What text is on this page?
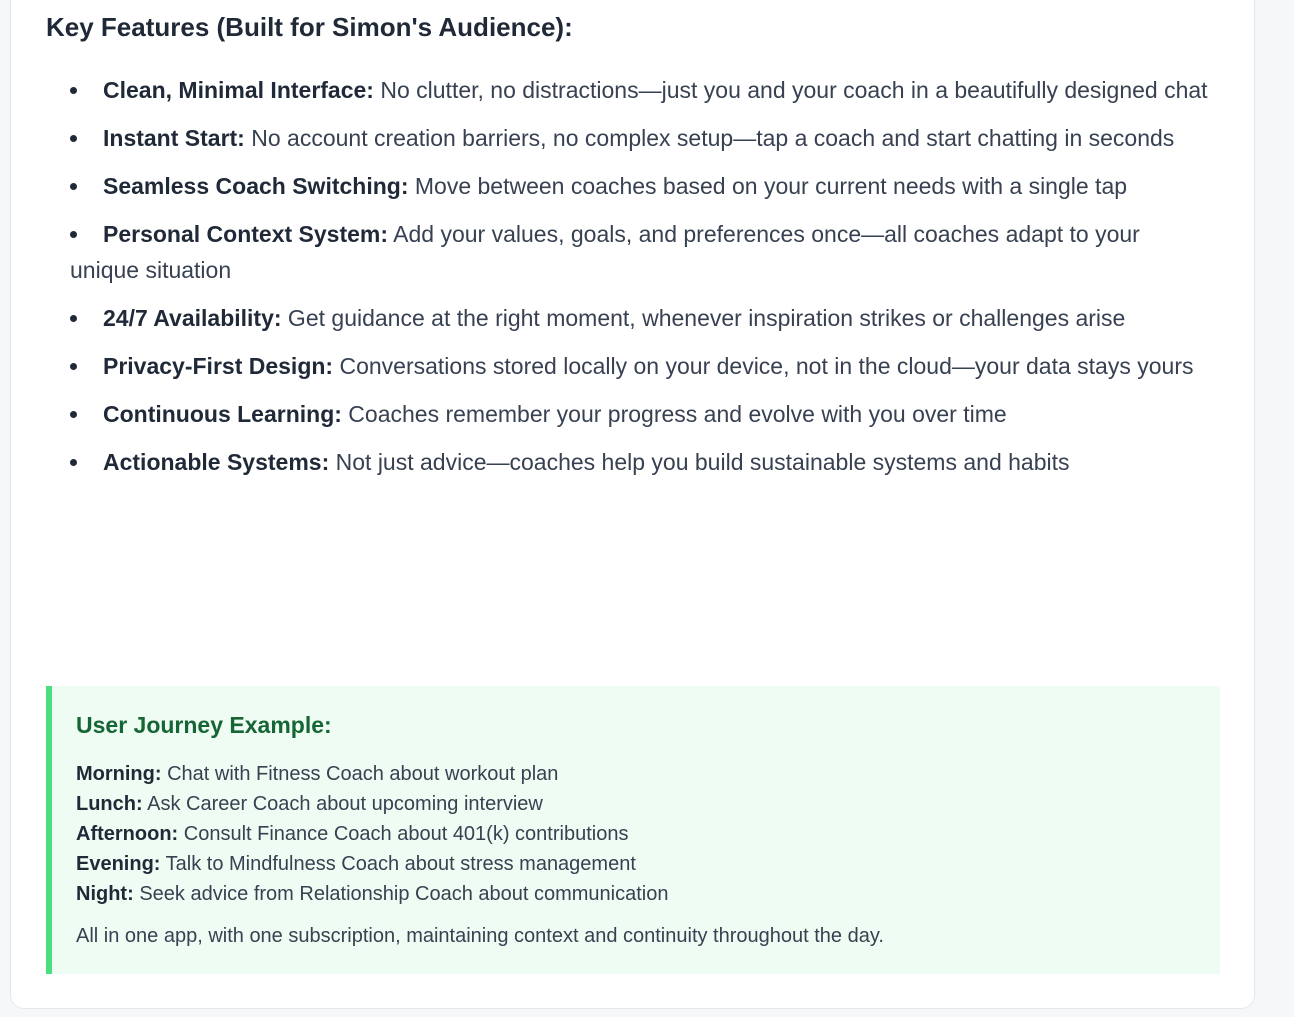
Key Features (Built for Simon's Audience):
Clean, Minimal Interface: No clutter, no distractions—just you and your coach in a beautifully designed chat
Instant Start: No account creation barriers, no complex setup—tap a coach and start chatting in seconds
Seamless Coach Switching: Move between coaches based on your current needs with a single tap
Personal Context System: Add your values, goals, and preferences once—all coaches adapt to your unique situation
24/7 Availability: Get guidance at the right moment, whenever inspiration strikes or challenges arise
Privacy-First Design: Conversations stored locally on your device, not in the cloud—your data stays yours
Continuous Learning: Coaches remember your progress and evolve with you over time
Actionable Systems: Not just advice—coaches help you build sustainable systems and habits
User Journey Example:
Morning: Chat with Fitness Coach about workout plan
Lunch: Ask Career Coach about upcoming interview
Afternoon: Consult Finance Coach about 401(k) contributions
Evening: Talk to Mindfulness Coach about stress management
Night: Seek advice from Relationship Coach about communication

All in one app, with one subscription, maintaining context and continuity throughout the day.
